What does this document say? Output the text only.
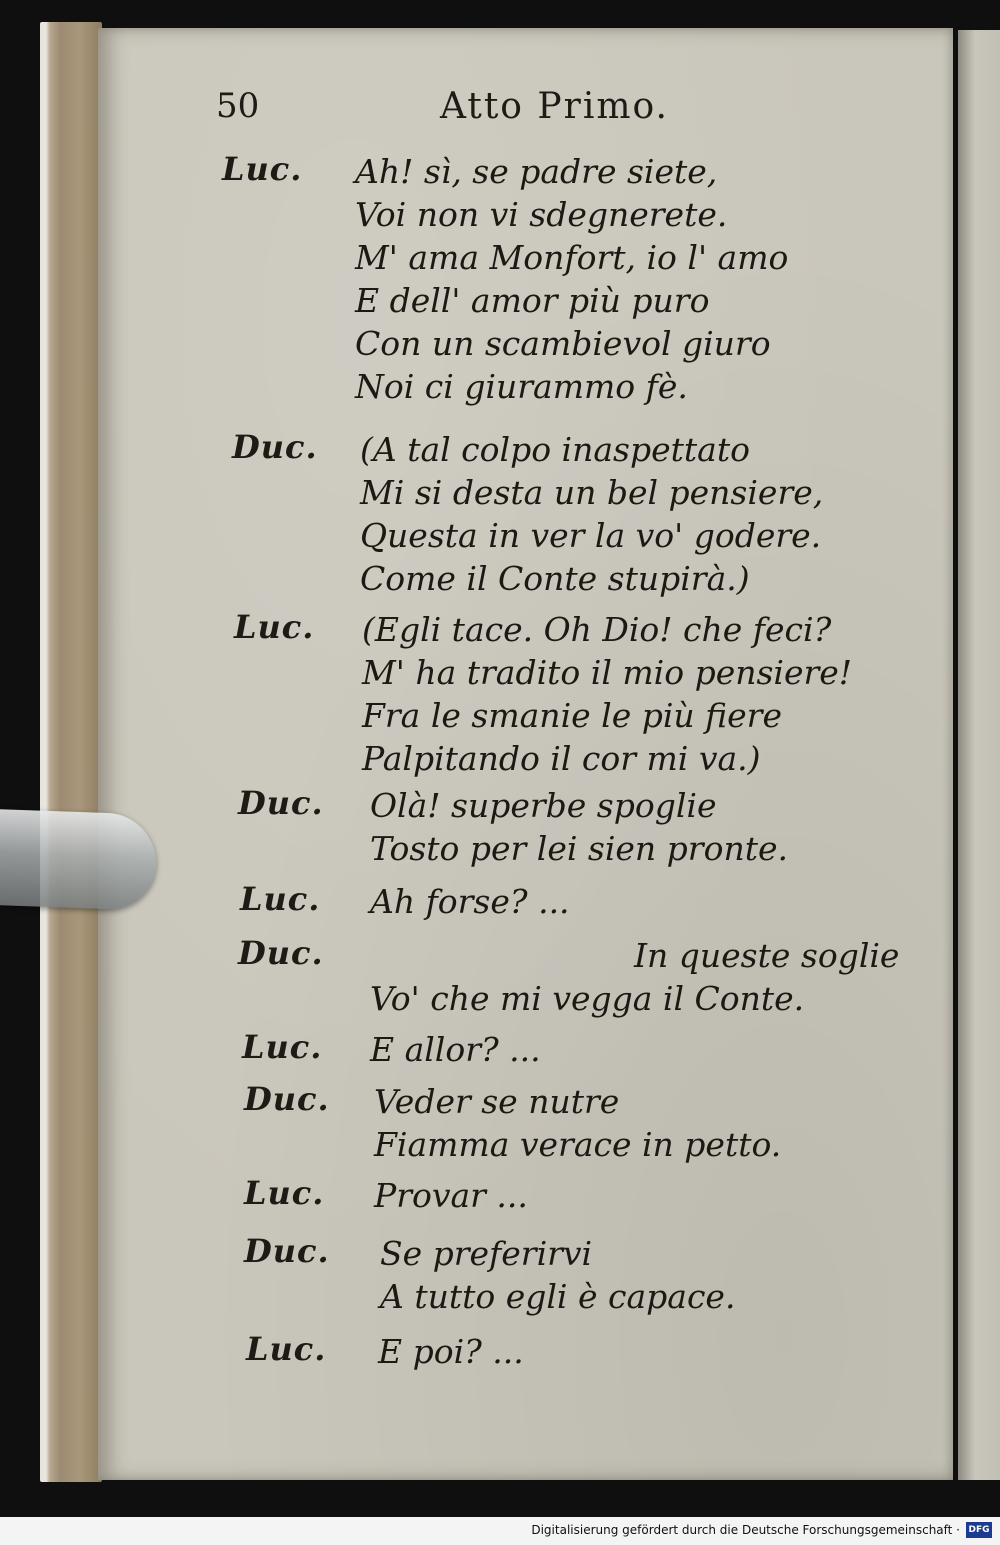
50	Atto Primo.
Luc. Ah! sì, se padre siete,
Voi non vi sdegnerete.
M' ama Monfort, io l' amo
E dell' amor più puro
Con un scambievol giuro
Noi ci giurammo fè.
Duc. (A tal colpo inaspettato
Mi si desta un bel pensiere,
Questa in ver la vo' godere.
Come il Conte stupirà.)
Luc. (Egli tace. Oh Dio! che feci?
M' ha tradito il mio pensiere!
Fra le smanie le più fiere
Palpitando il cor mi va.)
Duc. Olà! superbe spoglie
Tosto per lei sien pronte.
Luc. Ah forse? ...
Duc.	In queste soglie
Vo' che mi vegga il Conte.
Luc. E allor? ...
Duc. Veder se nutre
Fiamma verace in petto.
Luc. Provar ...
Duc. Se preferirvi
A tutto egli è capace.
Luc. E poi? ...
Digitalisierung gefördert durch die Deutsche Forschungsgemeinschaft · DFG
